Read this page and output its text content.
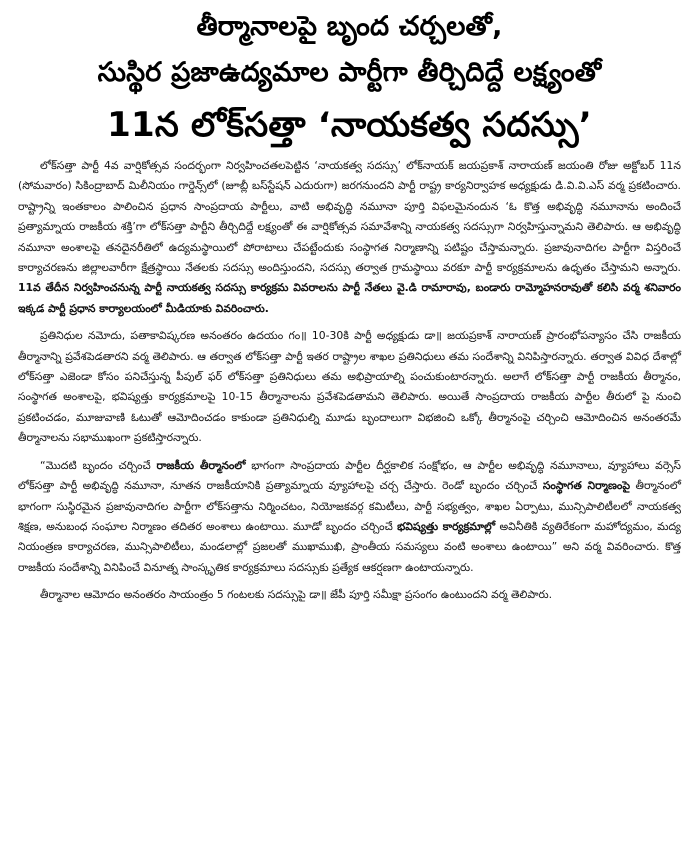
తీర్మానాలపై బృంద చర్చలతో,
సుస్థిర ప్రజాఉద్యమాల పార్టీగా తీర్చిదిద్దే లక్ష్యంతో
11న లోక్‌సత్తా ‘నాయకత్వ సదస్సు’

లోక్‌సత్తా పార్టీ 4వ వార్షికోత్సవ సందర్భంగా నిర్వహించతలపెట్టిన ‘నాయకత్వ సదస్సు’ లోక్‌నాయక్ జయప్రకాశ్ నారాయణ్ జయంతి రోజు అక్టోబర్ 11న (సోమవారం) సికింద్రాబాద్ మిలీనియం గార్డెన్స్‌లో (జూబ్లీ బస్‌స్టేషన్ ఎదురుగా) జరగనుందని పార్టీ రాష్ట్ర కార్యనిర్వాహక అధ్యక్షుడు డి.వి.వి.ఎస్ వర్మ ప్రకటించారు. రాష్ట్రాన్ని ఇంతకాలం పాలించిన ప్రధాన సాంప్రదాయ పార్టీలు, వాటి అభివృద్ధి నమూనా పూర్తి విఫలమైనందున ‘ఓ కొత్త అభివృద్ధి నమూనాను అందించే ప్రత్యామ్నాయ రాజకీయ శక్తి’గా లోక్‌సత్తా పార్టీని తీర్చిదిద్దే లక్ష్యంతో ఈ వార్షికోత్సవ సమావేశాన్ని నాయకత్వ సదస్సుగా నిర్వహిస్తున్నామని తెలిపారు. ఆ అభివృద్ధి నమూనా అంశాలపై తనదైనరీతిలో ఉద్యమస్థాయిలో పోరాటాలు చేపట్టేందుకు సంస్థాగత నిర్మాణాన్ని పటిష్టం చేస్తామన్నారు. ప్రజావునాదిగల పార్టీగా విస్తరించే కార్యాచరణను జిల్లాలవారీగా క్షేత్రస్థాయి నేతలకు సదస్సు అందిస్తుందని, సదస్సు తర్వాత గ్రామస్థాయి వరకూ పార్టీ కార్యక్రమాలను ఉధృతం చేస్తామని అన్నారు. 11వ తేదీన నిర్వహించనున్న పార్టీ నాయకత్వ సదస్సు కార్యక్రమ వివరాలను పార్టీ నేతలు వై.డి రామారావు, బండారు రామ్మోహనరావుతో కలిసి వర్మ శనివారం ఇక్కడ పార్టీ ప్రధాన కార్యాలయంలో మీడియాకు వివరించారు.

ప్రతినిధుల నమోదు, పతాకావిష్కరణ అనంతరం ఉదయం గం॥ 10-30కి పార్టీ అధ్యక్షుడు డా॥ జయప్రకాశ్ నారాయణ్ ప్రారంభోపన్యాసం చేసి రాజకీయ తీర్మానాన్ని ప్రవేశపెడతారని వర్మ తెలిపారు. ఆ తర్వాత లోక్‌సత్తా పార్టీ ఇతర రాష్ట్రాల శాఖల ప్రతినిధులు తమ సందేశాన్ని వినిపిస్తారన్నారు. తర్వాత వివిధ దేశాల్లో లోక్‌సత్తా ఎజెండా కోసం పనిచేస్తున్న పీపుల్ ఫర్ లోక్‌సత్తా ప్రతినిధులు తమ అభిప్రాయాల్ని పంచుకుంటారన్నారు. అలాగే లోక్‌సత్తా పార్టీ రాజకీయ తీర్మానం, సంస్థాగత అంశాలపై, భవిష్యత్తు కార్యక్రమాలపై 10-15 తీర్మానాలను ప్రవేశపెడతామని తెలిపారు. అయితే సాంప్రదాయ రాజకీయ పార్టీల తీరులో పై నుంచి ప్రకటించడం, మూజువాణి ఓటుతో ఆమోదించడం కాకుండా ప్రతినిధుల్ని మూడు బృందాలుగా విభజించి ఒక్కో తీర్మానంపై చర్చించి ఆమోదించిన అనంతరమే తీర్మానాలను సభాముఖంగా ప్రకటిస్తారన్నారు.

“మొదటి బృందం చర్చించే రాజకీయ తీర్మానంలో భాగంగా సాంప్రదాయ పార్టీల దీర్ఘకాలిక సంక్షోభం, ఆ పార్టీల అభివృద్ధి నమూనాలు, వ్యూహాలు వర్సెస్ లోక్‌సత్తా పార్టీ అభివృద్ధి నమూనా, నూతన రాజకీయానికి ప్రత్యామ్నాయ వ్యూహాలపై చర్చ చేస్తారు. రెండో బృందం చర్చించే సంస్థాగత నిర్మాణంపై తీర్మానంలో భాగంగా సుస్థిరమైన ప్రజావునాదిగల పార్టీగా లోక్‌సత్తాను నిర్మించటం, నియోజకవర్గ కమిటీలు, పార్టీ సభ్యత్వం, శాఖల ఏర్పాటు, మున్సిపాలిటీలలో నాయకత్వ శిక్షణ, అనుబంధ సంఘాల నిర్మాణం తదితర అంశాలు ఉంటాయి. మూడో బృందం చర్చించే భవిష్యత్తు కార్యక్రమాల్లో అవినీతికి వ్యతిరేకంగా మహోద్యమం, మద్య నియంత్రణ కార్యాచరణ, మున్సిపాలిటీలు, మండలాల్లో ప్రజలతో ముఖాముఖి, ప్రాంతీయ సమస్యలు వంటి అంశాలు ఉంటాయి” అని వర్మ వివరించారు. కొత్త రాజకీయ సందేశాన్ని వినిపించే వినూత్న సాంస్కృతిక కార్యక్రమాలు సదస్సుకు ప్రత్యేక ఆకర్షణగా ఉంటాయన్నారు.

తీర్మానాల ఆమోదం అనంతరం సాయంత్రం 5 గంటలకు సదస్సుపై డా॥ జేపీ పూర్తి సమీక్షా ప్రసంగం ఉంటుందని వర్మ తెలిపారు.
